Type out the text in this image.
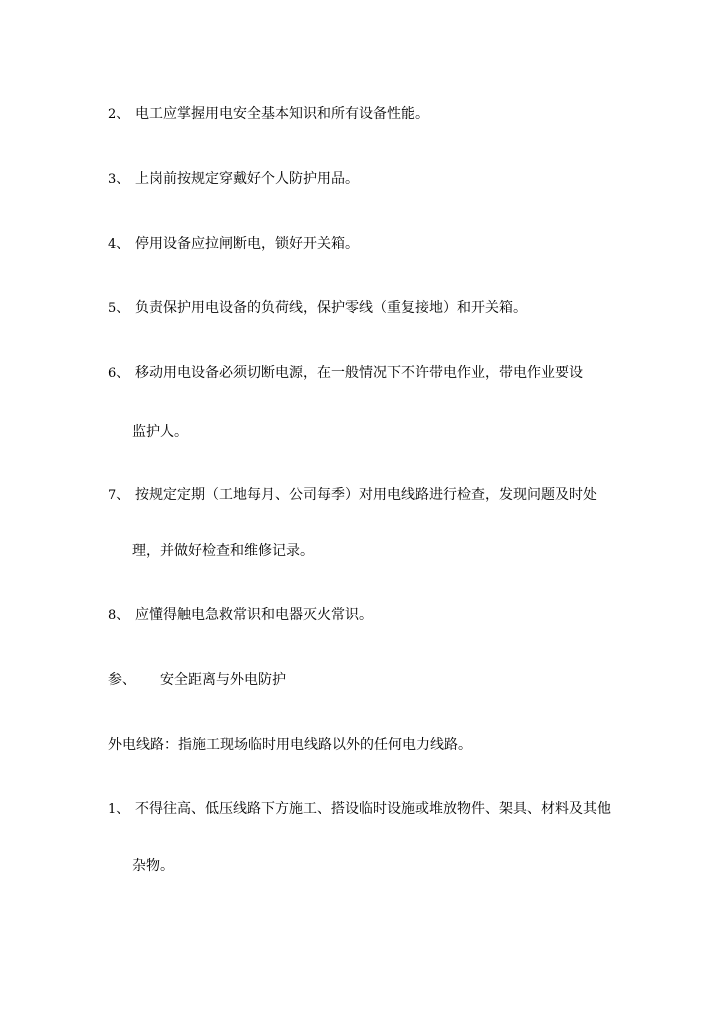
2、 电工应掌握用电安全基本知识和所有设备性能。
3、 上岗前按规定穿戴好个人防护用品。
4、 停用设备应拉闸断电，锁好开关箱。
5、 负责保护用电设备的负荷线，保护零线（重复接地）和开关箱。
6、 移动用电设备必须切断电源，在一般情况下不许带电作业，带电作业要设
监护人。
7、 按规定定期（工地每月、公司每季）对用电线路进行检查，发现问题及时处
理，并做好检查和维修记录。
8、 应懂得触电急救常识和电器灭火常识。
参、 安全距离与外电防护
外电线路：指施工现场临时用电线路以外的任何电力线路。
1、 不得往高、低压线路下方施工、搭设临时设施或堆放物件、架具、材料及其他
杂物。
